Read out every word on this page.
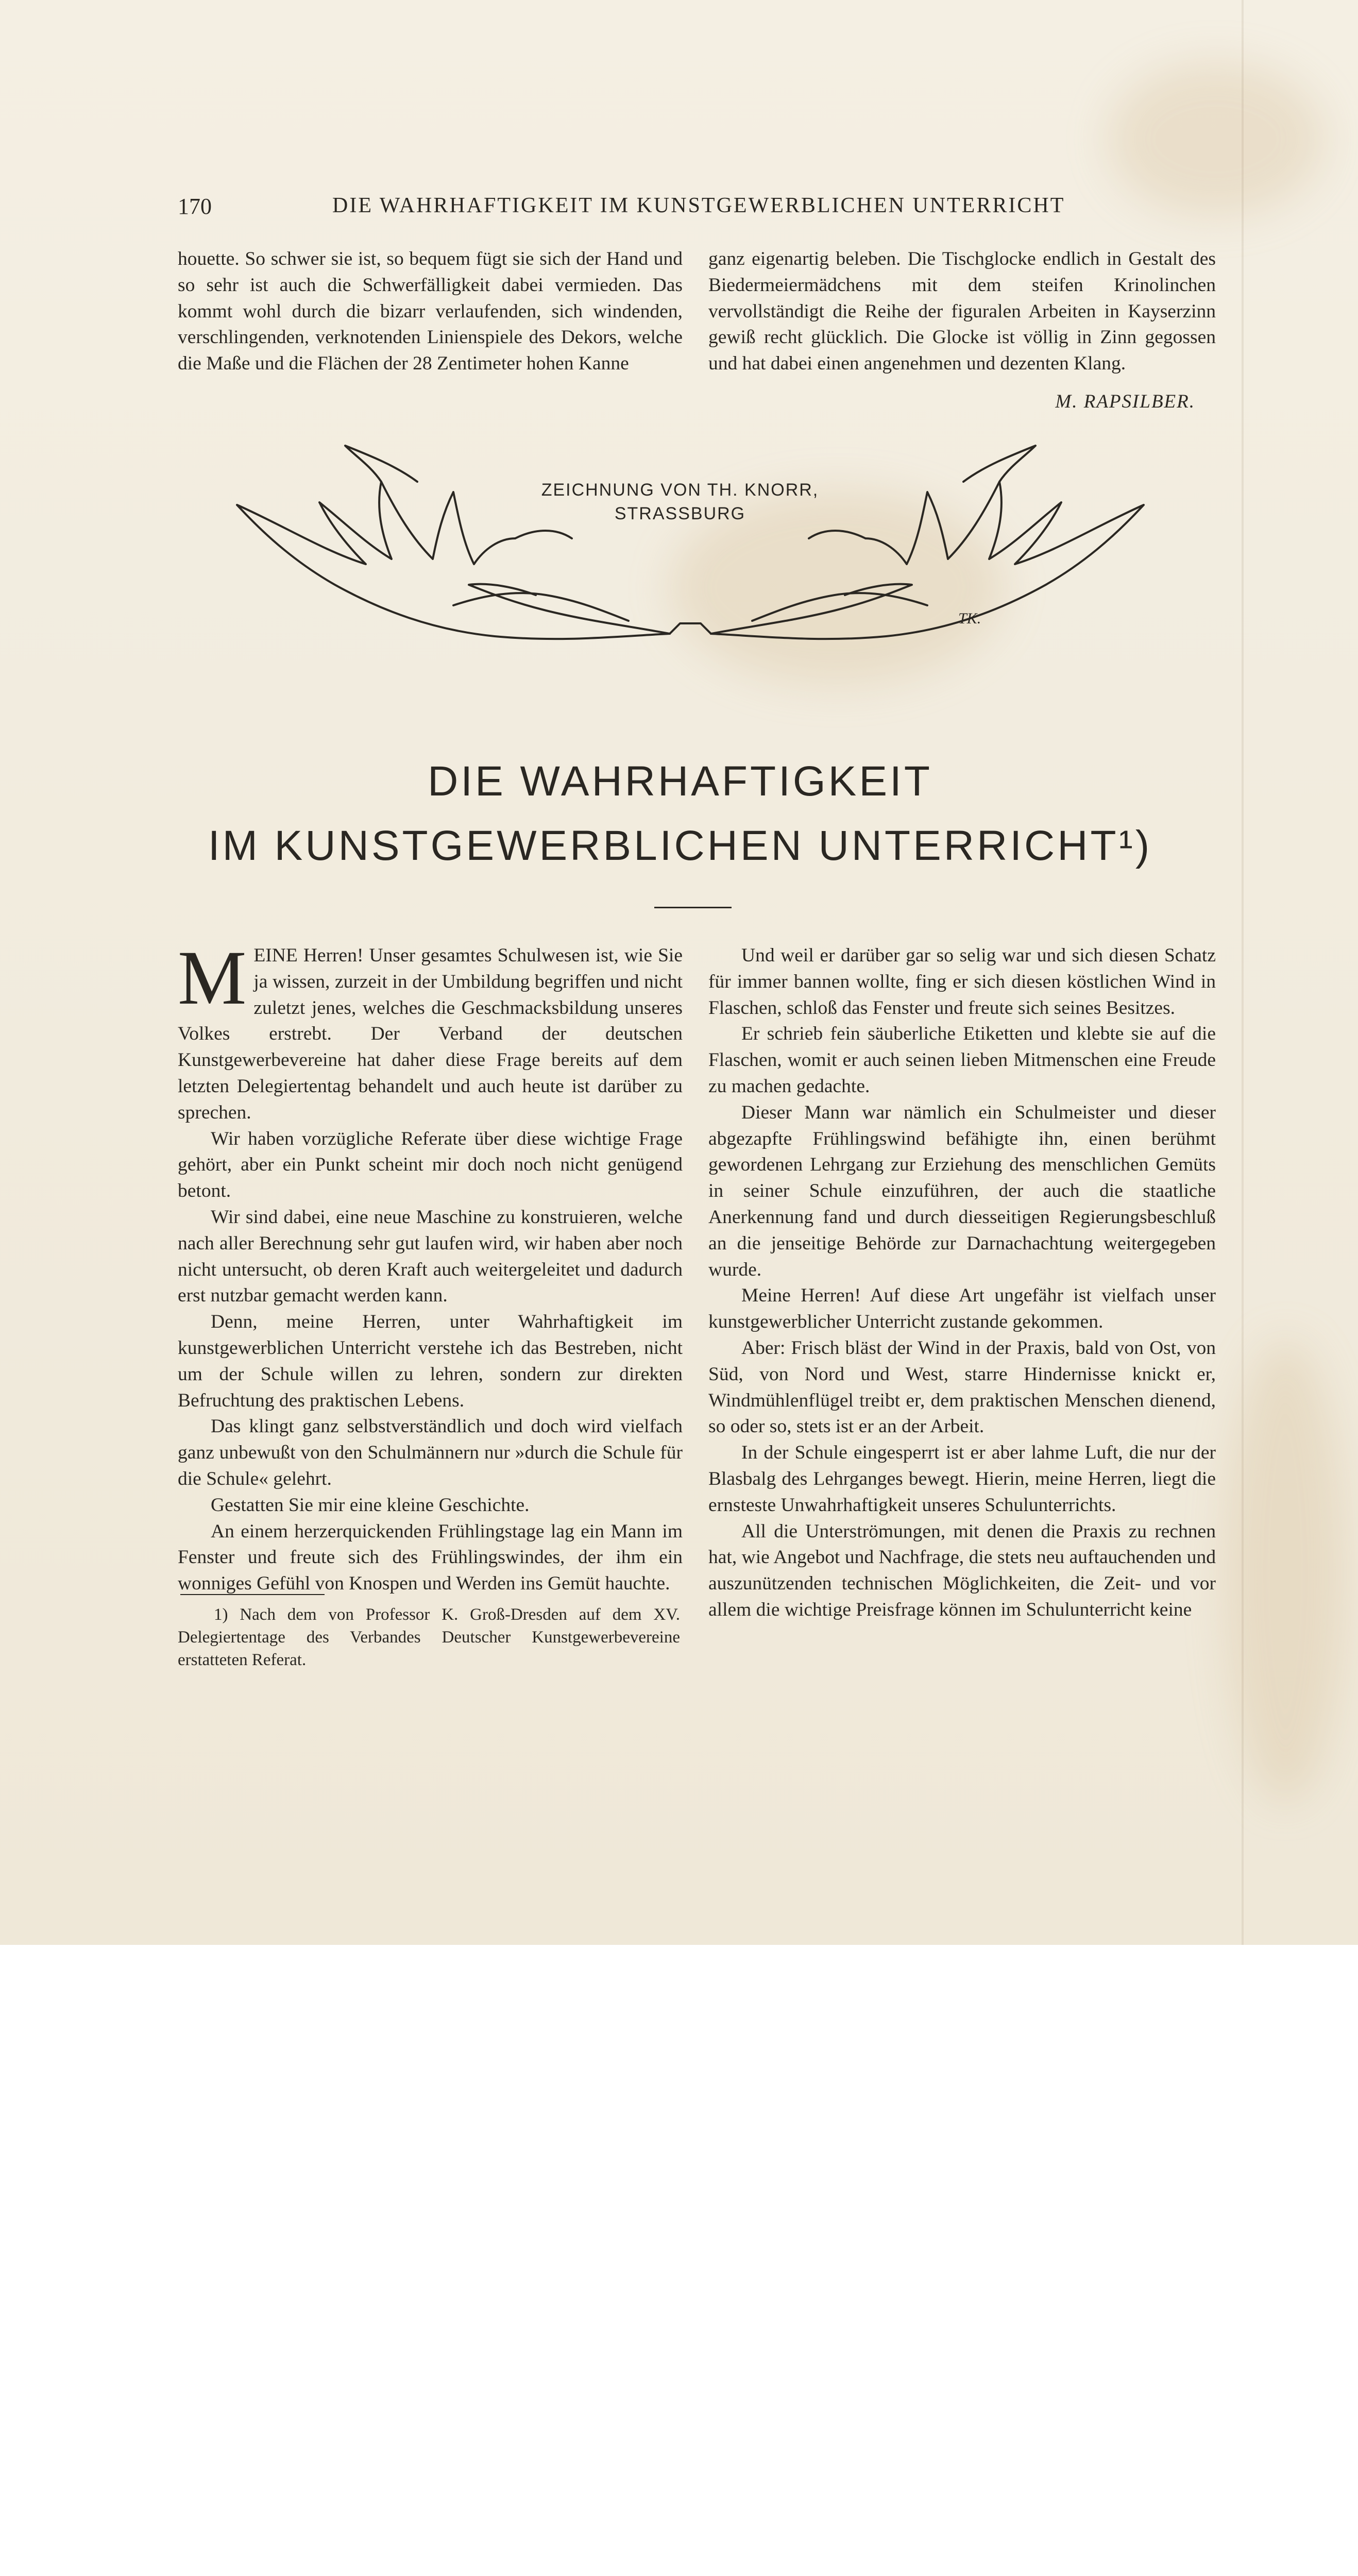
170	DIE WAHRHAFTIGKEIT IM KUNSTGEWERBLICHEN UNTERRICHT

houette. So schwer sie ist, so bequem fügt sie sich der Hand und so sehr ist auch die Schwerfälligkeit dabei vermieden. Das kommt wohl durch die bizarr verlaufenden, sich windenden, verschlingenden, verknotenden Linienspiele des Dekors, welche die Maße und die Flächen der 28 Zentimeter hohen Kanne

ganz eigenartig beleben. Die Tischglocke endlich in Gestalt des Biedermeiermädchens mit dem steifen Krinolinchen vervollständigt die Reihe der figuralen Arbeiten in Kayserzinn gewiß recht glücklich. Die Glocke ist völlig in Zinn gegossen und hat dabei einen angenehmen und dezenten Klang.

M. RAPSILBER.
TK.
ZEICHNUNG VON TH. KNORR,
STRASSBURG
DIE WAHRHAFTIGKEIT
IM KUNSTGEWERBLICHEN UNTERRICHT¹)

MEINE Herren! Unser gesamtes Schulwesen ist, wie Sie ja wissen, zurzeit in der Umbildung begriffen und nicht zuletzt jenes, welches die Geschmacksbildung unseres Volkes erstrebt. Der Verband der deutschen Kunstgewerbevereine hat daher diese Frage bereits auf dem letzten Delegiertentag behandelt und auch heute ist darüber zu sprechen.

Wir haben vorzügliche Referate über diese wichtige Frage gehört, aber ein Punkt scheint mir doch noch nicht genügend betont.

Wir sind dabei, eine neue Maschine zu konstruieren, welche nach aller Berechnung sehr gut laufen wird, wir haben aber noch nicht untersucht, ob deren Kraft auch weitergeleitet und dadurch erst nutzbar gemacht werden kann.

Denn, meine Herren, unter Wahrhaftigkeit im kunstgewerblichen Unterricht verstehe ich das Bestreben, nicht um der Schule willen zu lehren, sondern zur direkten Befruchtung des praktischen Lebens.

Das klingt ganz selbstverständlich und doch wird vielfach ganz unbewußt von den Schulmännern nur »durch die Schule für die Schule« gelehrt.

Gestatten Sie mir eine kleine Geschichte.

An einem herzerquickenden Frühlingstage lag ein Mann im Fenster und freute sich des Frühlingswindes, der ihm ein wonniges Gefühl von Knospen und Werden ins Gemüt hauchte.

1) Nach dem von Professor K. Groß-Dresden auf dem XV. Delegiertentage des Verbandes Deutscher Kunstgewerbevereine erstatteten Referat.

Und weil er darüber gar so selig war und sich diesen Schatz für immer bannen wollte, fing er sich diesen köstlichen Wind in Flaschen, schloß das Fenster und freute sich seines Besitzes.

Er schrieb fein säuberliche Etiketten und klebte sie auf die Flaschen, womit er auch seinen lieben Mitmenschen eine Freude zu machen gedachte.

Dieser Mann war nämlich ein Schulmeister und dieser abgezapfte Frühlingswind befähigte ihn, einen berühmt gewordenen Lehrgang zur Erziehung des menschlichen Gemüts in seiner Schule einzuführen, der auch die staatliche Anerkennung fand und durch diesseitigen Regierungsbeschluß an die jenseitige Behörde zur Darnachachtung weitergegeben wurde.

Meine Herren! Auf diese Art ungefähr ist vielfach unser kunstgewerblicher Unterricht zustande gekommen.

Aber: Frisch bläst der Wind in der Praxis, bald von Ost, von Süd, von Nord und West, starre Hindernisse knickt er, Windmühlenflügel treibt er, dem praktischen Menschen dienend, so oder so, stets ist er an der Arbeit.

In der Schule eingesperrt ist er aber lahme Luft, die nur der Blasbalg des Lehrganges bewegt. Hierin, meine Herren, liegt die ernsteste Unwahrhaftigkeit unseres Schulunterrichts.

All die Unterströmungen, mit denen die Praxis zu rechnen hat, wie Angebot und Nachfrage, die stets neu auftauchenden und auszunützenden technischen Möglichkeiten, die Zeit- und vor allem die wichtige Preisfrage können im Schulunterricht keine
